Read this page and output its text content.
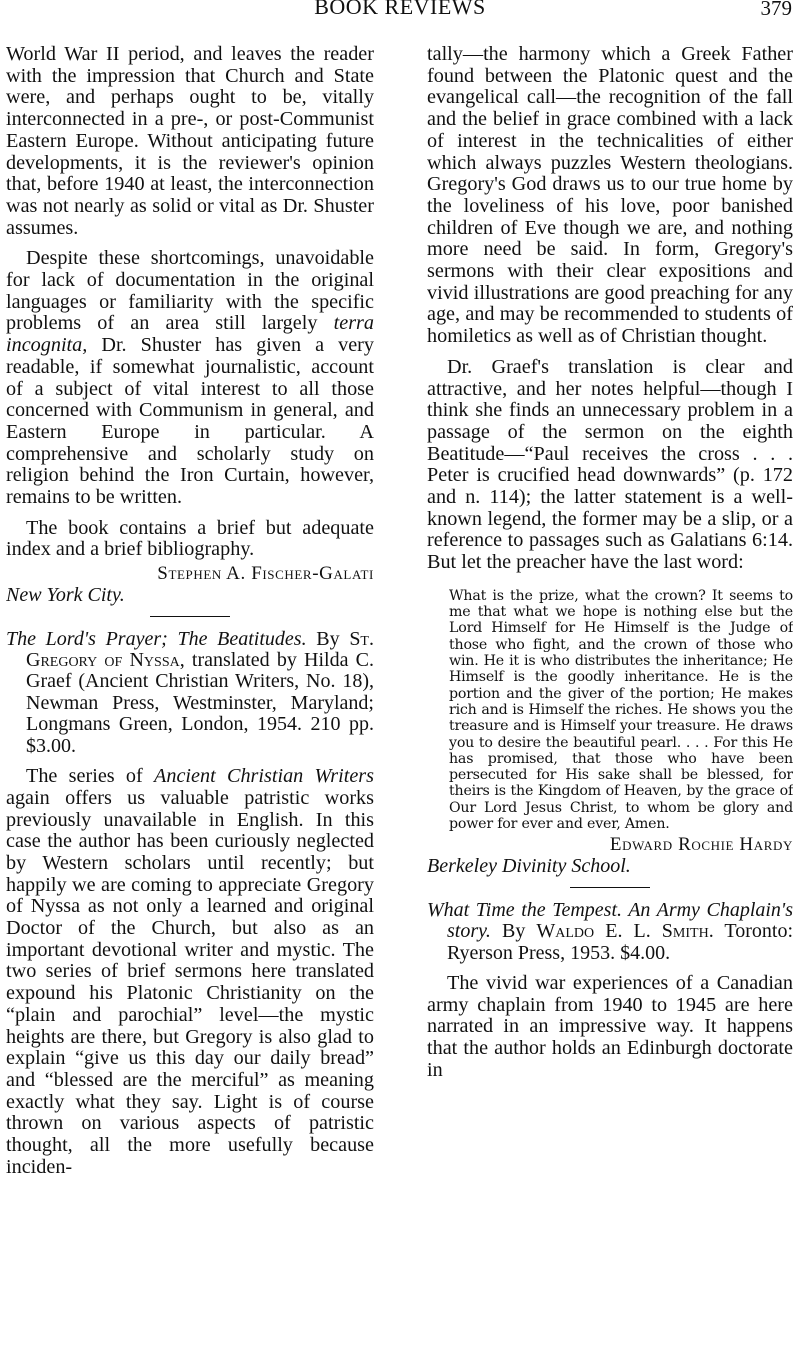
BOOK REVIEWS	379

World War II period, and leaves the reader with the impression that Church and State were, and perhaps ought to be, vitally interconnected in a pre-, or post-Communist Eastern Europe. Without anticipating future developments, it is the reviewer's opinion that, before 1940 at least, the interconnection was not nearly as solid or vital as Dr. Shuster assumes.

Despite these shortcomings, unavoidable for lack of documentation in the original languages or familiarity with the specific problems of an area still largely terra incognita, Dr. Shuster has given a very readable, if somewhat journalistic, account of a subject of vital interest to all those concerned with Communism in general, and Eastern Europe in particular. A comprehensive and scholarly study on religion behind the Iron Curtain, however, remains to be written.

The book contains a brief but adequate index and a brief bibliography.

Stephen A. Fischer-Galati

New York City.

The Lord's Prayer; The Beatitudes. By St. Gregory of Nyssa, translated by Hilda C. Graef (Ancient Christian Writers, No. 18), Newman Press, Westminster, Maryland; Longmans Green, London, 1954. 210 pp. $3.00.

The series of Ancient Christian Writers again offers us valuable patristic works previously unavailable in English. In this case the author has been curiously neglected by Western scholars until recently; but happily we are coming to appreciate Gregory of Nyssa as not only a learned and original Doctor of the Church, but also as an important devotional writer and mystic. The two series of brief sermons here translated expound his Platonic Christianity on the “plain and parochial” level—the mystic heights are there, but Gregory is also glad to explain “give us this day our daily bread” and “blessed are the merciful” as meaning exactly what they say. Light is of course thrown on various aspects of patristic thought, all the more usefully because inciden-

tally—the harmony which a Greek Father found between the Platonic quest and the evangelical call—the recognition of the fall and the belief in grace combined with a lack of interest in the technicalities of either which always puzzles Western theologians. Gregory's God draws us to our true home by the loveliness of his love, poor banished children of Eve though we are, and nothing more need be said. In form, Gregory's sermons with their clear expositions and vivid illustrations are good preaching for any age, and may be recommended to students of homiletics as well as of Christian thought.

Dr. Graef's translation is clear and attractive, and her notes helpful—though I think she finds an unnecessary problem in a passage of the sermon on the eighth Beatitude—“Paul receives the cross . . . Peter is crucified head downwards” (p. 172 and n. 114); the latter statement is a well-known legend, the former may be a slip, or a reference to passages such as Galatians 6:14. But let the preacher have the last word:

What is the prize, what the crown? It seems to me that what we hope is nothing else but the Lord Himself for He Himself is the Judge of those who fight, and the crown of those who win. He it is who distributes the inheritance; He Himself is the goodly inheritance. He is the portion and the giver of the portion; He makes rich and is Himself the riches. He shows you the treasure and is Himself your treasure. He draws you to desire the beautiful pearl. . . . For this He has promised, that those who have been persecuted for His sake shall be blessed, for theirs is the Kingdom of Heaven, by the grace of Our Lord Jesus Christ, to whom be glory and power for ever and ever, Amen.

Edward Rochie Hardy

Berkeley Divinity School.

What Time the Tempest. An Army Chaplain's story. By Waldo E. L. Smith. Toronto: Ryerson Press, 1953. $4.00.

The vivid war experiences of a Canadian army chaplain from 1940 to 1945 are here narrated in an impressive way. It happens that the author holds an Edinburgh doctorate in
